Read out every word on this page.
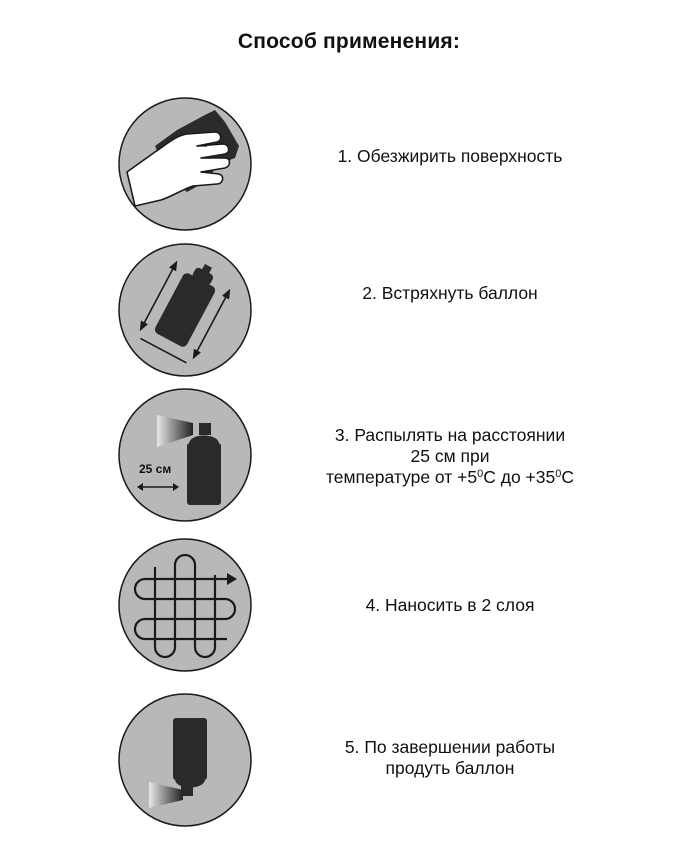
Способ применения:
1. Обезжирить поверхность
2. Встряхнуть баллон
25 см
3. Распылять на расстоянии
25 см при
температуре от $+5^0С$ до $+35^0С$
4. Наносить в 2 слоя
5. По завершении работы
продуть баллон
